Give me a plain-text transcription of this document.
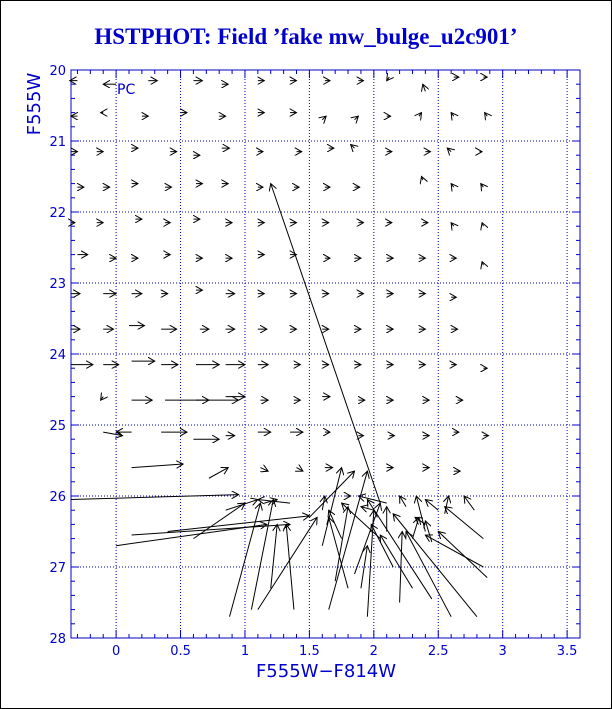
HSTPHOT: Field ’fake mw_bulge_u2c901’
0	0.5	1	1.5	2	2.5	3	3.5
20
21
22
23
24
25
26
27
28
PC
F555W−F814W
F555W
